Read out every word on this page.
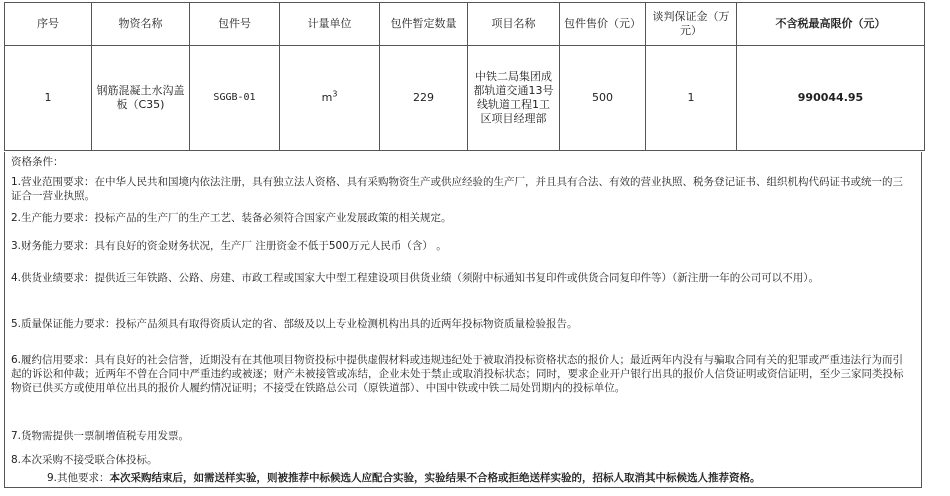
序号	物资名称	包件号	计量单位	包件暂定数量	项目名称	包件售价（元）	谈判保证金（万元）	不含税最高限价（元）
1	钢筋混凝土水沟盖板（C35)	SGGB-01	$m^3$	229	中铁二局集团成都轨道交通13号线轨道工程1工区项目经理部	500	1	990044.95

资格条件：

1.营业范围要求：在中华人民共和国境内依法注册，具有独立法人资格、具有采购物资生产或供应经验的生产厂，并且具有合法、有效的营业执照、税务登记证书、组织机构代码证书或统一的三证合一营业执照。

2.生产能力要求：投标产品的生产厂的生产工艺、装备必须符合国家产业发展政策的相关规定。

3.财务能力要求：具有良好的资金财务状况，生产厂 注册资金不低于500万元人民币（含） 。

4.供货业绩要求：提供近三年铁路、公路、房建、市政工程或国家大中型工程建设项目供货业绩（须附中标通知书复印件或供货合同复印件等）（新注册一年的公司可以不用）。

5.质量保证能力要求：投标产品须具有取得资质认定的省、部级及以上专业检测机构出具的近两年投标物资质量检验报告。

6.履约信用要求：具有良好的社会信誉，近期没有在其他项目物资投标中提供虚假材料或违规违纪处于被取消投标资格状态的报价人；最近两年内没有与骗取合同有关的犯罪或严重违法行为而引起的诉讼和仲裁；近两年不曾在合同中严重违约或被逐；财产未被接管或冻结，企业未处于禁止或取消投标状态；同时，要求企业开户银行出具的报价人信贷证明或资信证明，至少三家同类投标物资已供买方或使用单位出具的报价人履约情况证明；不接受在铁路总公司（原铁道部）、中国中铁或中铁二局处罚期内的投标单位。

7.货物需提供一票制增值税专用发票。

8.本次采购不接受联合体投标。

9.其他要求：本次采购结束后，如需送样实验，则被推荐中标候选人应配合实验，实验结果不合格或拒绝送样实验的，招标人取消其中标候选人推荐资格。
